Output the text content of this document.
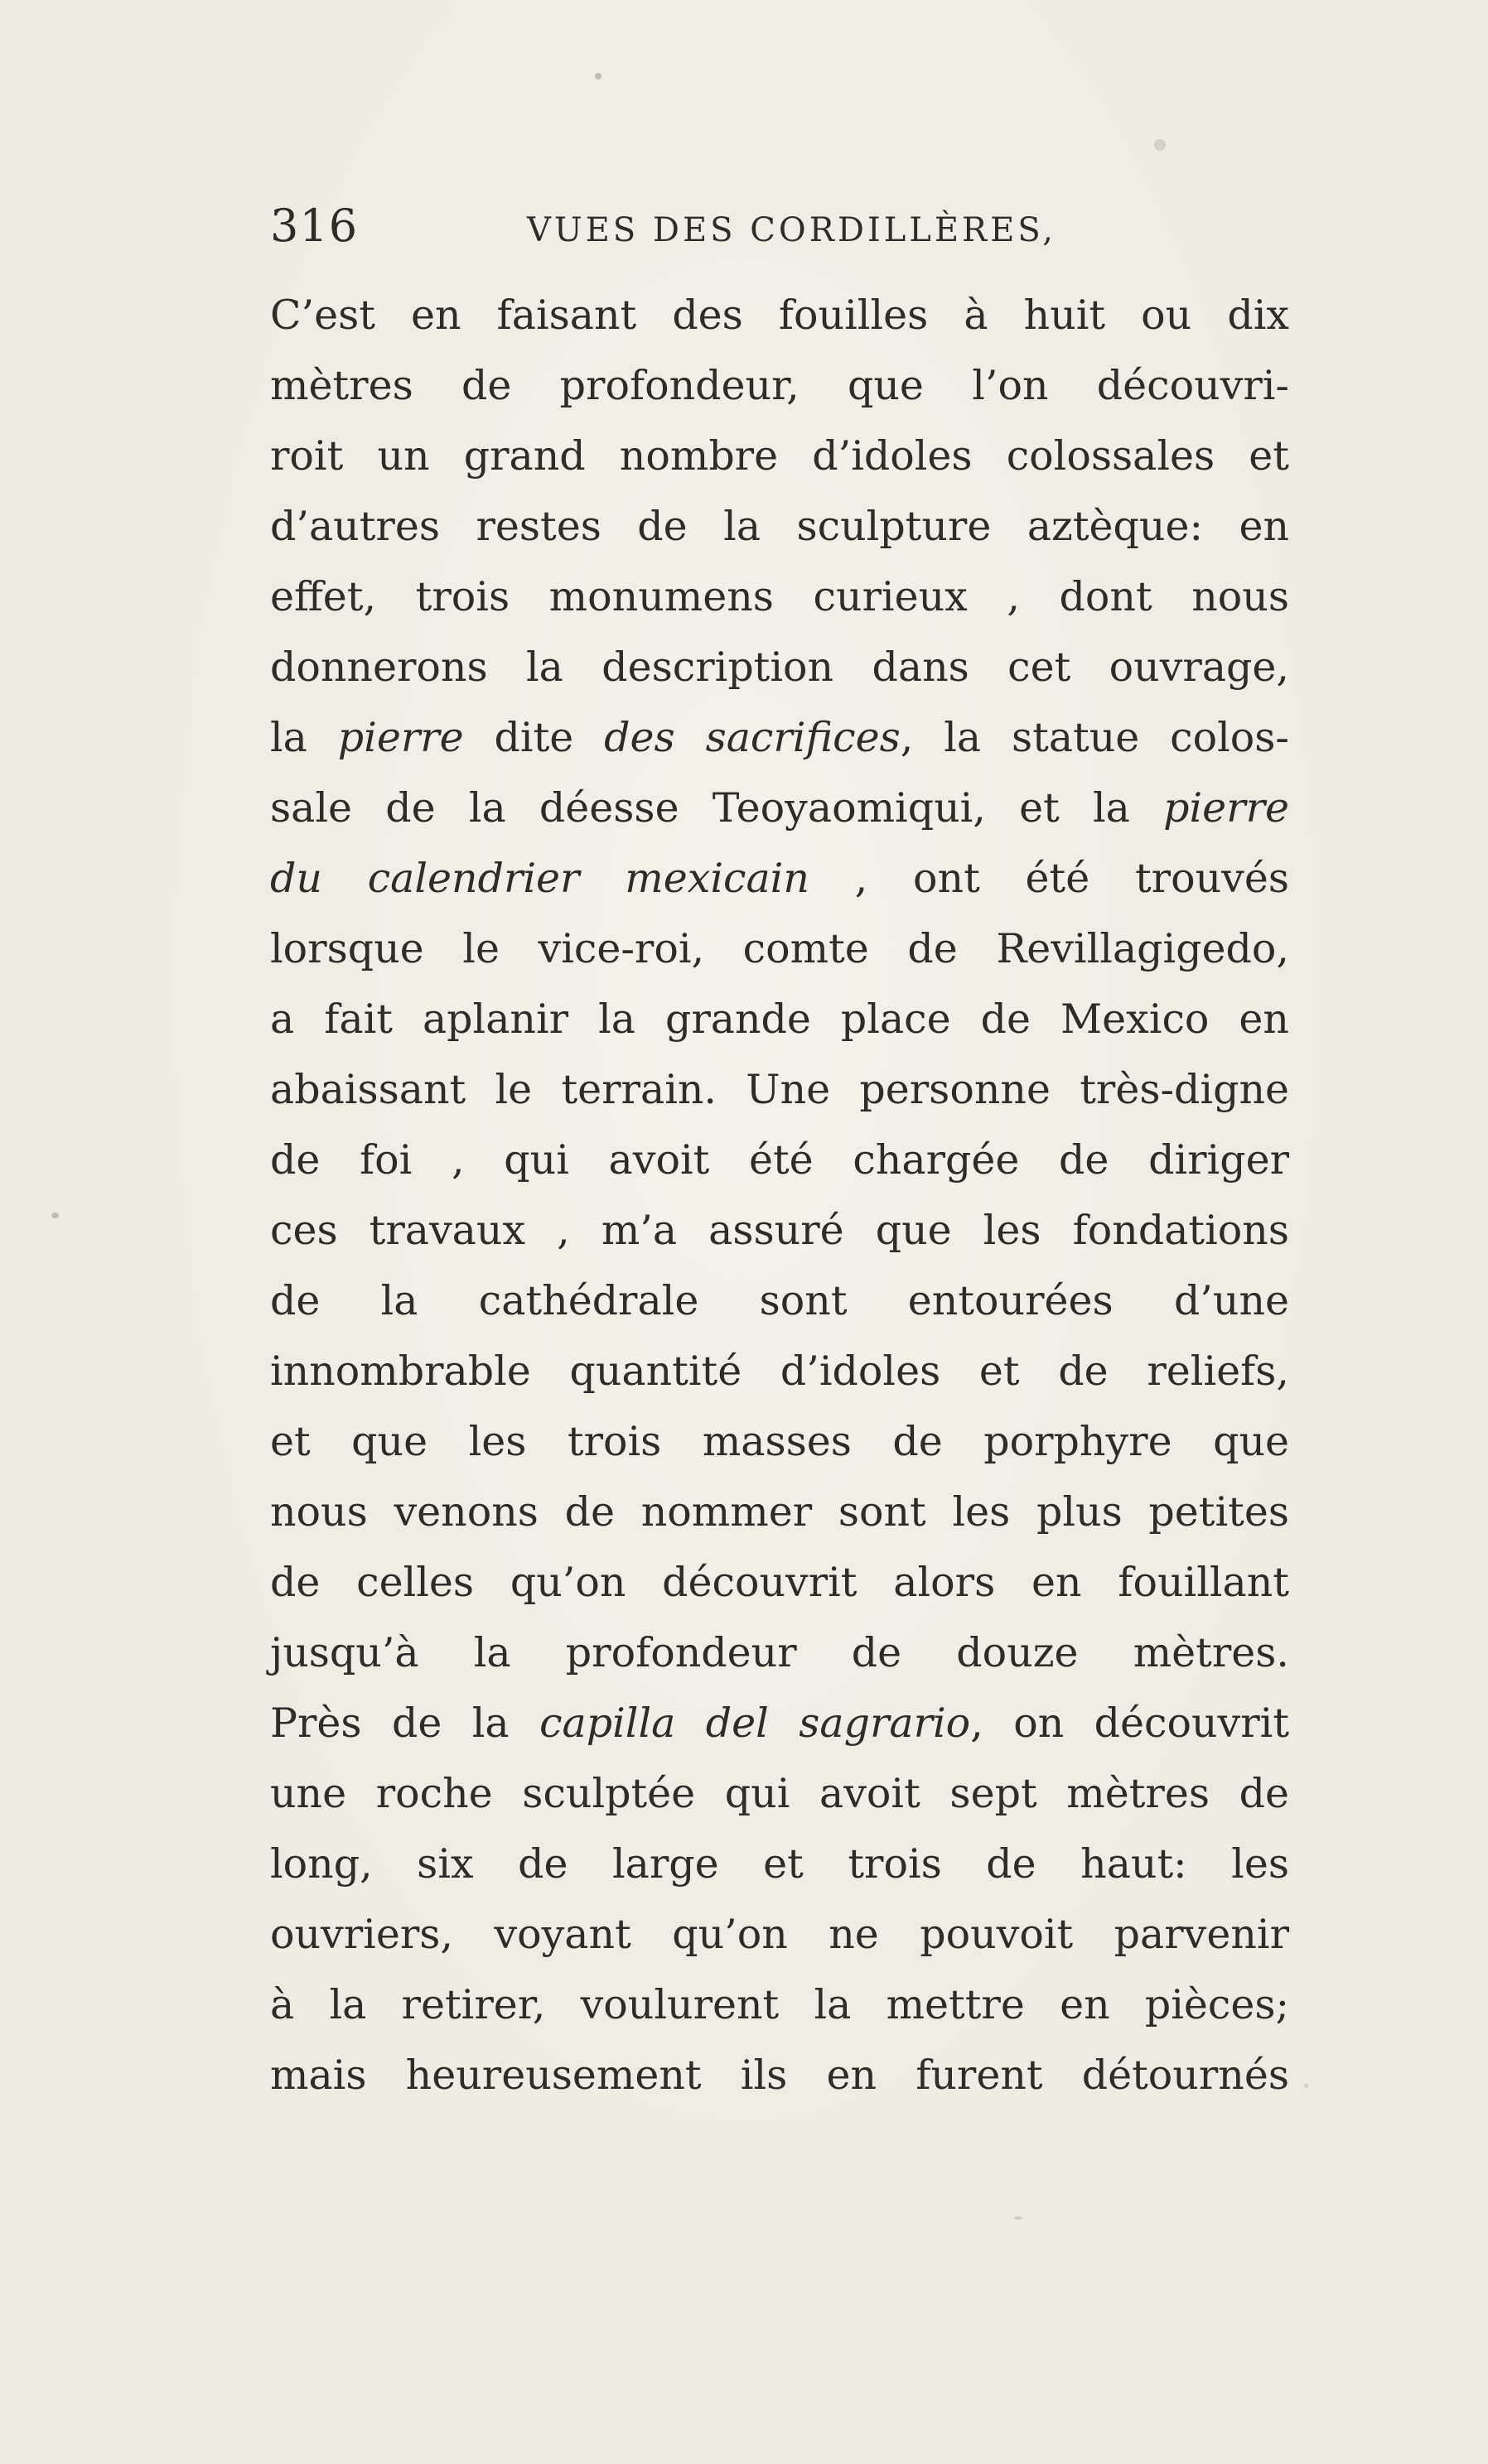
316	VUES DES CORDILLÈRES,

C’est en faisant des fouilles à huit ou dix
mètres de profondeur, que l’on découvri-
roit un grand nombre d’idoles colossales et
d’autres restes de la sculpture aztèque: en
effet, trois monumens curieux , dont nous
donnerons la description dans cet ouvrage,
la pierre dite des sacrifices, la statue colos-
sale de la déesse Teoyaomiqui, et la pierre
du calendrier mexicain , ont été trouvés
lorsque le vice-roi, comte de Revillagigedo,
a fait aplanir la grande place de Mexico en
abaissant le terrain. Une personne très-digne
de foi , qui avoit été chargée de diriger
ces travaux , m’a assuré que les fondations
de la cathédrale sont entourées d’une
innombrable quantité d’idoles et de reliefs,
et que les trois masses de porphyre que
nous venons de nommer sont les plus petites
de celles qu’on découvrit alors en fouillant
jusqu’à la profondeur de douze mètres.
Près de la capilla del sagrario, on découvrit
une roche sculptée qui avoit sept mètres de
long, six de large et trois de haut: les
ouvriers, voyant qu’on ne pouvoit parvenir
à la retirer, voulurent la mettre en pièces;
mais heureusement ils en furent détournés
